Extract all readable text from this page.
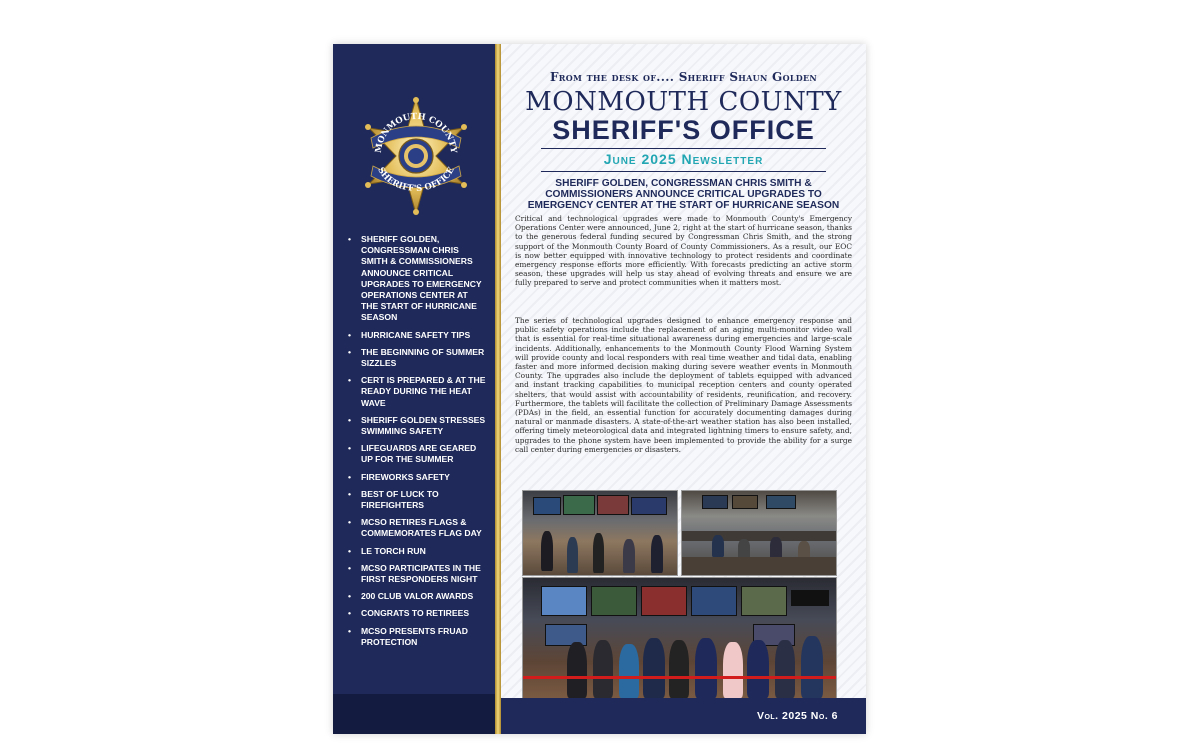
MONMOUTH COUNTY
SHERIFF'S OFFICE
• SHERIFF GOLDEN, CONGRESSMAN CHRIS SMITH & COMMISSIONERS ANNOUNCE CRITICAL UPGRADES TO EMERGENCY OPERATIONS CENTER AT THE START OF HURRICANE SEASON
• HURRICANE SAFETY TIPS
• THE BEGINNING OF SUMMER SIZZLES
• CERT IS PREPARED & AT THE READY DURING THE HEAT WAVE
• SHERIFF GOLDEN STRESSES SWIMMING SAFETY
• LIFEGUARDS ARE GEARED UP FOR THE SUMMER
• FIREWORKS SAFETY
• BEST OF LUCK TO FIREFIGHTERS
• MCSO RETIRES FLAGS & COMMEMORATES FLAG DAY
• LE TORCH RUN
• MCSO PARTICIPATES IN THE FIRST RESPONDERS NIGHT
• 200 CLUB VALOR AWARDS
• CONGRATS TO RETIREES
• MCSO PRESENTS FRUAD PROTECTION
From the desk of.... Sheriff Shaun Golden
MONMOUTH COUNTY
SHERIFF'S OFFICE
June 2025 Newsletter
SHERIFF GOLDEN, CONGRESSMAN CHRIS SMITH & COMMISSIONERS ANNOUNCE CRITICAL UPGRADES TO EMERGENCY CENTER AT THE START OF HURRICANE SEASON

Critical and technological upgrades were made to Monmouth County's Emergency Operations Center were announced, June 2, right at the start of hurricane season, thanks to the generous federal funding secured by Congressman Chris Smith, and the strong support of the Monmouth County Board of County Commissioners. As a result, our EOC is now better equipped with innovative technology to protect residents and coordinate emergency response efforts more efficiently. With forecasts predicting an active storm season, these upgrades will help us stay ahead of evolving threats and ensure we are fully prepared to serve and protect communities when it matters most.

The series of technological upgrades designed to enhance emergency response and public safety operations include the replacement of an aging multi-monitor video wall that is essential for real-time situational awareness during emergencies and large-scale incidents. Additionally, enhancements to the Monmouth County Flood Warning System will provide county and local responders with real time weather and tidal data, enabling faster and more informed decision making during severe weather events in Monmouth County. The upgrades also include the deployment of tablets equipped with advanced and instant tracking capabilities to municipal reception centers and county operated shelters, that would assist with accountability of residents, reunification, and recovery. Furthermore, the tablets will facilitate the collection of Preliminary Damage Assessments (PDAs) in the field, an essential function for accurately documenting damages during natural or manmade disasters. A state-of-the-art weather station has also been installed, offering timely meteorological data and integrated lightning timers to ensure safety, and, upgrades to the phone system have been implemented to provide the ability for a surge call center during emergencies or disasters.

Vol. 2025 No. 6
